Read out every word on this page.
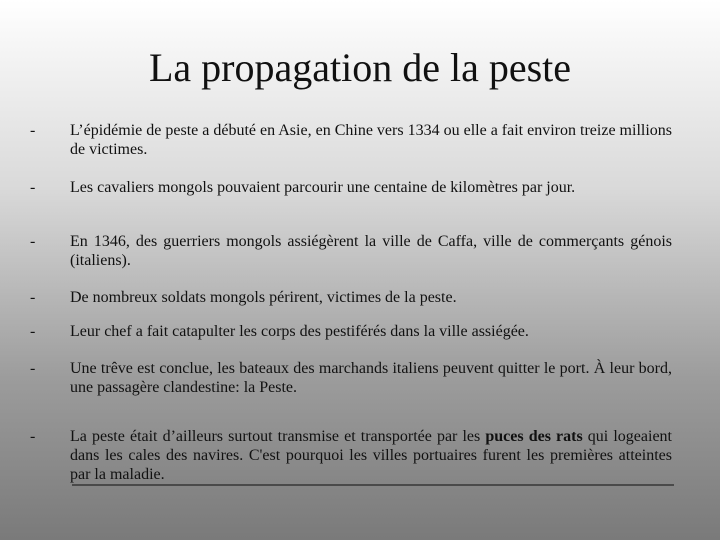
La propagation de la peste
-	L’épidémie de peste a débuté en Asie, en Chine vers 1334 ou elle a fait environ treize millions de victimes.
-	Les cavaliers mongols pouvaient parcourir une centaine de kilomètres par jour.
-	En 1346, des guerriers mongols assiégèrent la ville de Caffa, ville de commerçants génois (italiens).
-	De nombreux soldats mongols périrent, victimes de la peste.
-	Leur chef a fait catapulter les corps des pestiférés dans la ville assiégée.
-	Une trêve est conclue, les bateaux des marchands italiens peuvent quitter le port. À leur bord, une passagère clandestine: la Peste.
-	La peste était d’ailleurs surtout transmise et transportée par les puces des rats qui logeaient dans les cales des navires. C'est pourquoi les villes portuaires furent les premières atteintes par la maladie.
